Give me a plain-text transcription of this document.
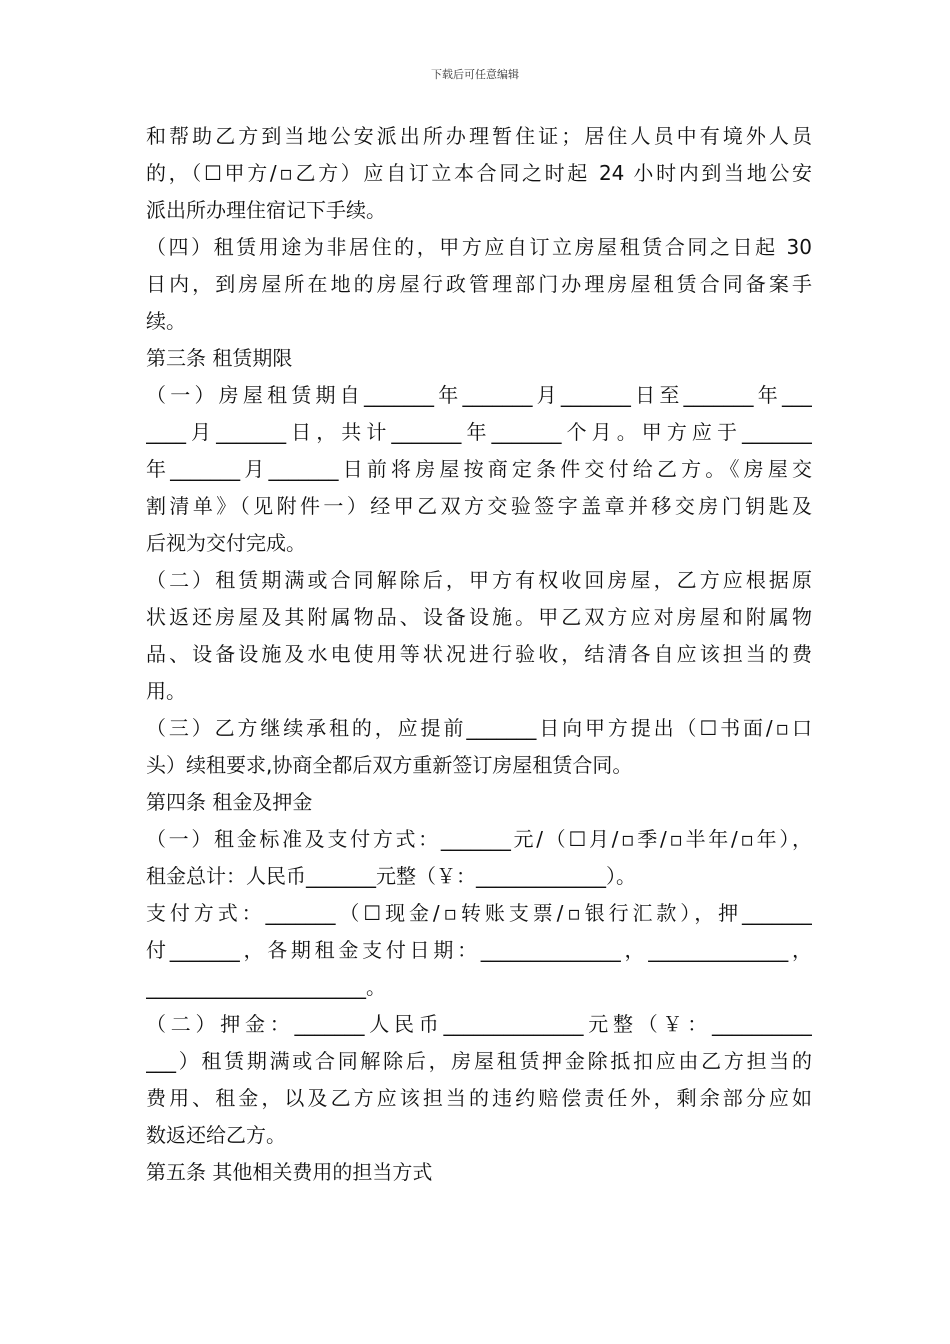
下载后可任意编辑
和帮助乙方到当地公安派出所办理暂住证；居住人员中有境外人员
的，（☐甲方/▫乙方）应自订立本合同之时起 24 小时内到当地公安
派出所办理住宿记下手续。
（四）租赁用途为非居住的，甲方应自订立房屋租赁合同之日起 30
日内，到房屋所在地的房屋行政管理部门办理房屋租赁合同备案手
续。
第三条 租赁期限
（一）房屋租赁期自_______年_______月_______日至_______年___
____月_______日，共计_______年_______个月。甲方应于_______
年_______月_______日前将房屋按商定条件交付给乙方。《房屋交
割清单》（见附件一）经甲乙双方交验签字盖章并移交房门钥匙及
后视为交付完成。
（二）租赁期满或合同解除后，甲方有权收回房屋，乙方应根据原
状返还房屋及其附属物品、设备设施。甲乙双方应对房屋和附属物
品、设备设施及水电使用等状况进行验收，结清各自应该担当的费
用。
（三）乙方继续承租的，应提前_______日向甲方提出（☐书面/▫口
头）续租要求,协商全都后双方重新签订房屋租赁合同。
第四条 租金及押金
（一）租金标准及支付方式：_______元/（☐月/▫季/▫半年/▫年），
租金总计：人民币_______元整（￥：_____________）。
支付方式：_______（☐现金/▫转账支票/▫银行汇款），押_______
付_______，各期租金支付日期：______________，______________，
______________________。
（二）押金：_______人民币______________元整（￥：__________
___）租赁期满或合同解除后，房屋租赁押金除抵扣应由乙方担当的
费用、租金，以及乙方应该担当的违约赔偿责任外，剩余部分应如
数返还给乙方。
第五条 其他相关费用的担当方式
